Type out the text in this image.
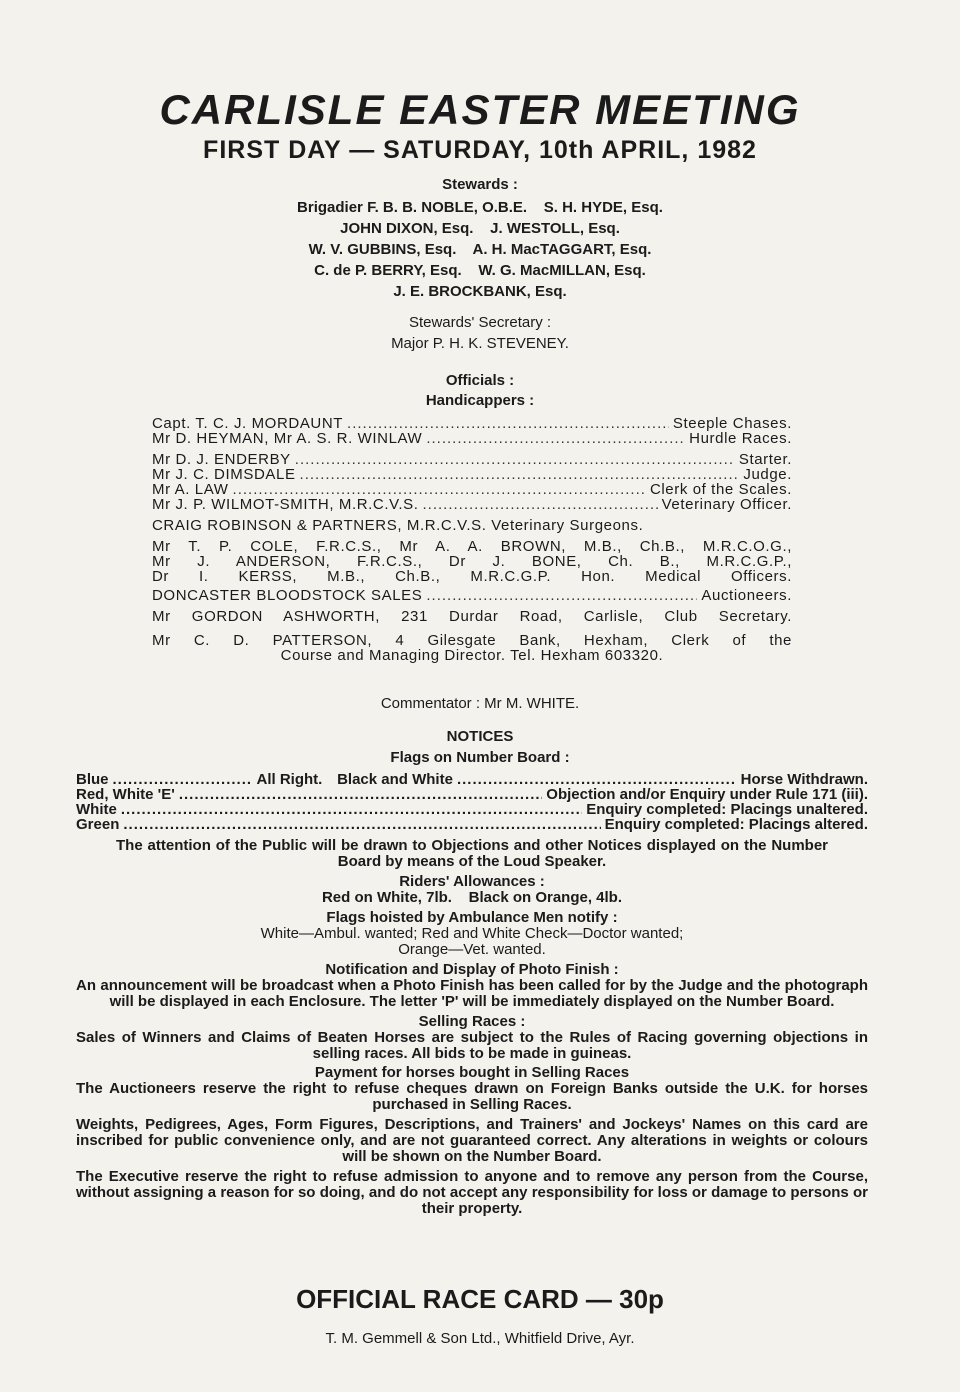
CARLISLE EASTER MEETING
FIRST DAY — SATURDAY, 10th APRIL, 1982
Stewards :
Brigadier F. B. B. NOBLE, O.B.E.    S. H. HYDE, Esq.
JOHN DIXON, Esq.    J. WESTOLL, Esq.
W. V. GUBBINS, Esq.    A. H. MacTAGGART, Esq.
C. de P. BERRY, Esq.    W. G. MacMILLAN, Esq.
J. E. BROCKBANK, Esq.
Stewards' Secretary :
Major P. H. K. STEVENEY.
Officials :
Handicappers :
Capt. T. C. J. MORDAUNT .....	Steeple Chases.
Mr D. HEYMAN, Mr A. S. R. WINLAW .....	Hurdle Races.
Mr D. J. ENDERBY .....	Starter.
Mr J. C. DIMSDALE .....	Judge.
Mr A. LAW .....	Clerk of the Scales.
Mr J. P. WILMOT-SMITH, M.R.C.V.S. .....	Veterinary Officer.
CRAIG ROBINSON & PARTNERS, M.R.C.V.S. Veterinary Surgeons.
Mr T. P. COLE, F.R.C.S., Mr A. A. BROWN, M.B., Ch.B., M.R.C.O.G.,
Mr J. ANDERSON, F.R.C.S., Dr J. BONE, Ch. B., M.R.C.G.P.,
Dr I. KERSS, M.B., Ch.B., M.R.C.G.P. Hon. Medical Officers.
DONCASTER BLOODSTOCK SALES .....	Auctioneers.
Mr GORDON ASHWORTH, 231 Durdar Road, Carlisle, Club Secretary.
Mr C. D. PATTERSON, 4 Gilesgate Bank, Hexham, Clerk of the
Course and Managing Director. Tel. Hexham 603320.
Commentator : Mr M. WHITE.
NOTICES
Flags on Number Board :
Blue .....	All Right. Black and White .....	Horse Withdrawn.
Red, White 'E' .....	Objection and/or Enquiry under Rule 171 (iii).
White .....	Enquiry completed: Placings unaltered.
Green .....	Enquiry completed: Placings altered.
The attention of the Public will be drawn to Objections and other Notices displayed on the Number Board by means of the Loud Speaker.
Riders' Allowances :
Red on White, 7lb.    Black on Orange, 4lb.
Flags hoisted by Ambulance Men notify :
White—Ambul. wanted; Red and White Check—Doctor wanted;
Orange—Vet. wanted.
Notification and Display of Photo Finish :
An announcement will be broadcast when a Photo Finish has been called for by the Judge and the photograph will be displayed in each Enclosure. The letter 'P' will be immediately displayed on the Number Board.
Selling Races :
Sales of Winners and Claims of Beaten Horses are subject to the Rules of Racing governing objections in selling races. All bids to be made in guineas.
Payment for horses bought in Selling Races
The Auctioneers reserve the right to refuse cheques drawn on Foreign Banks outside the U.K. for horses purchased in Selling Races.
Weights, Pedigrees, Ages, Form Figures, Descriptions, and Trainers' and Jockeys' Names on this card are inscribed for public convenience only, and are not guaranteed correct. Any alterations in weights or colours will be shown on the Number Board.
The Executive reserve the right to refuse admission to anyone and to remove any person from the Course, without assigning a reason for so doing, and do not accept any responsibility for loss or damage to persons or their property.
OFFICIAL RACE CARD — 30p
T. M. Gemmell & Son Ltd., Whitfield Drive, Ayr.
